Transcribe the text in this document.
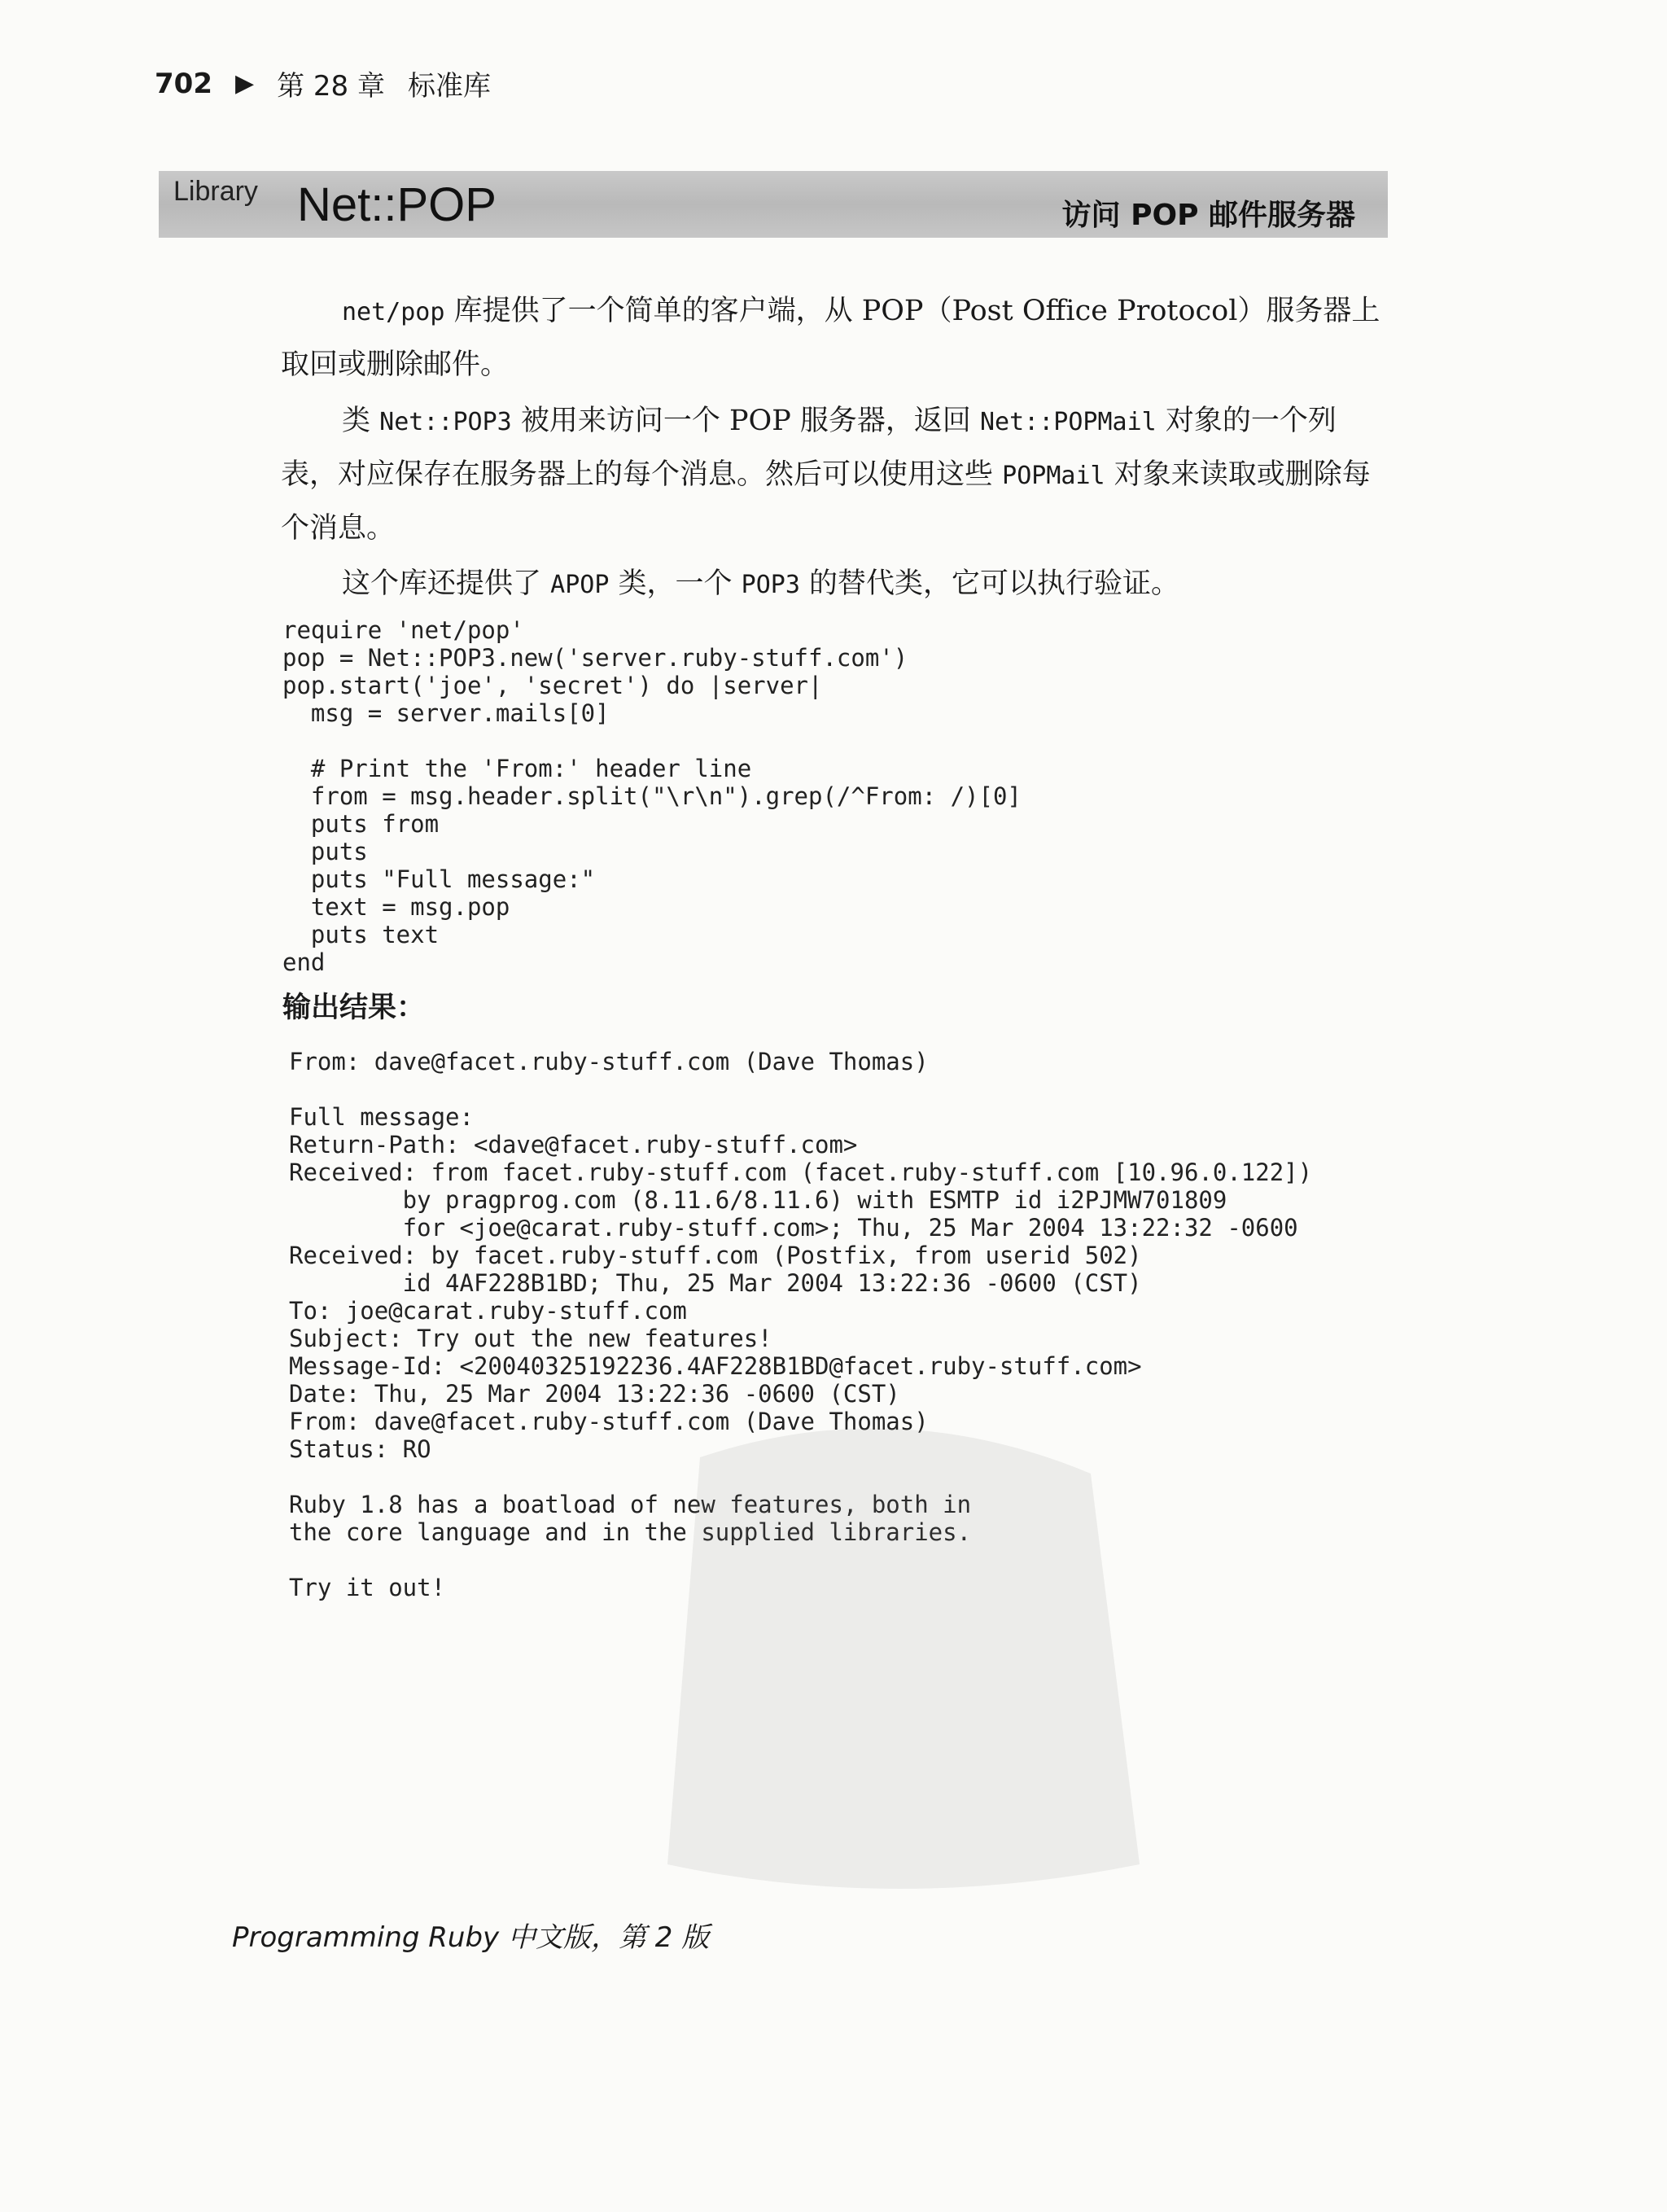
702 ▶ 第 28 章 标准库
Library Net::POP	访问 POP 邮件服务器

net/pop 库提供了一个简单的客户端，从 POP（Post Office Protocol）服务器上取回或删除邮件。

类 Net::POP3 被用来访问一个 POP 服务器，返回 Net::POPMail 对象的一个列表，对应保存在服务器上的每个消息。然后可以使用这些 POPMail 对象来读取或删除每个消息。

这个库还提供了 APOP 类，一个 POP3 的替代类，它可以执行验证。

require 'net/pop'
pop = Net::POP3.new('server.ruby-stuff.com')
pop.start('joe', 'secret') do |server|
msg = server.mails[0]

# Print the 'From:' header line
from = msg.header.split("\r\n").grep(/^From: /)[0]
puts from
puts
puts "Full message:"
text = msg.pop
puts text
end
输出结果：
From: dave@facet.ruby-stuff.com (Dave Thomas)

Full message:
Return-Path: <dave@facet.ruby-stuff.com>
Received: from facet.ruby-stuff.com (facet.ruby-stuff.com [10.96.0.122])
by pragprog.com (8.11.6/8.11.6) with ESMTP id i2PJMW701809
for <joe@carat.ruby-stuff.com>; Thu, 25 Mar 2004 13:22:32 -0600
Received: by facet.ruby-stuff.com (Postfix, from userid 502)
id 4AF228B1BD; Thu, 25 Mar 2004 13:22:36 -0600 (CST)
To: joe@carat.ruby-stuff.com
Subject: Try out the new features!
Message-Id: <20040325192236.4AF228B1BD@facet.ruby-stuff.com>
Date: Thu, 25 Mar 2004 13:22:36 -0600 (CST)
From: dave@facet.ruby-stuff.com (Dave Thomas)
Status: RO

Ruby 1.8 has a boatload of new features, both in
the core language and in the supplied libraries.

Try it out!
Programming Ruby 中文版，第 2 版
